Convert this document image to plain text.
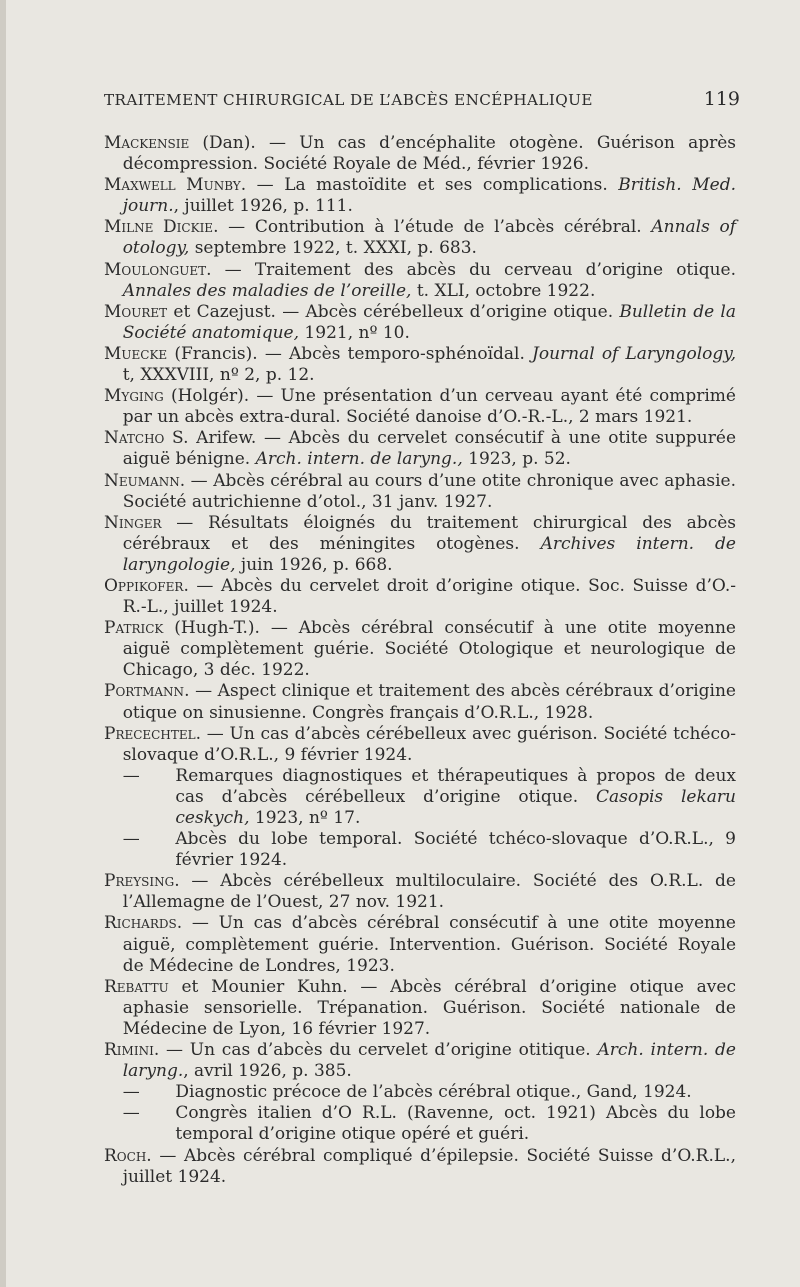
TRAITEMENT CHIRURGICAL DE L’ABCÈS ENCÉPHALIQUE	119

Mackensie (Dan). — Un cas d’encéphalite otogène. Guérison après décompression. Société Royale de Méd., février 1926.

Maxwell Munby. — La mastoïdite et ses complications. British. Med. journ., juillet 1926, p. 111.

Milne Dickie. — Contribution à l’étude de l’abcès cérébral. Annals of otology, septembre 1922, t. XXXI, p. 683.

Moulonguet. — Traitement des abcès du cerveau d’origine otique. Annales des maladies de l’oreille, t. XLI, octobre 1922.

Mouret et Cazejust. — Abcès cérébelleux d’origine otique. Bulletin de la Société anatomique, 1921, nº 10.

Muecke (Francis). — Abcès temporo-sphénoïdal. Journal of Laryngology, t, XXXVIII, nº 2, p. 12.

Myging (Holgér). — Une présentation d’un cerveau ayant été comprimé par un abcès extra-dural. Société danoise d’O.-R.-L., 2 mars 1921.

Natcho S. Arifew. — Abcès du cervelet consécutif à une otite suppurée aiguë bénigne. Arch. intern. de laryng., 1923, p. 52.

Neumann. — Abcès cérébral au cours d’une otite chronique avec aphasie. Société autrichienne d’otol., 31 janv. 1927.

Ninger — Résultats éloignés du traitement chirurgical des abcès cérébraux et des méningites otogènes. Archives intern. de laryngologie, juin 1926, p. 668.

Oppikofer. — Abcès du cervelet droit d’origine otique. Soc. Suisse d’O.-R.-L., juillet 1924.

Patrick (Hugh-T.). — Abcès cérébral consécutif à une otite moyenne aiguë complètement guérie. Société Otologique et neurologique de Chicago, 3 déc. 1922.

Portmann. — Aspect clinique et traitement des abcès cérébraux d’origine otique on sinusienne. Congrès français d’O.R.L., 1928.

Precechtel. — Un cas d’abcès cérébelleux avec guérison. Société tchéco-slovaque d’O.R.L., 9 février 1924.

— Remarques diagnostiques et thérapeutiques à propos de deux cas d’abcès cérébelleux d’origine otique. Casopis lekaru ceskych, 1923, nº 17.

— Abcès du lobe temporal. Société tchéco-slovaque d’O.R.L., 9 février 1924.

Preysing. — Abcès cérébelleux multiloculaire. Société des O.R.L. de l’Allemagne de l’Ouest, 27 nov. 1921.

Richards. — Un cas d’abcès cérébral consécutif à une otite moyenne aiguë, complètement guérie. Intervention. Guérison. Société Royale de Médecine de Londres, 1923.

Rebattu et Mounier Kuhn. — Abcès cérébral d’origine otique avec aphasie sensorielle. Trépanation. Guérison. Société nationale de Médecine de Lyon, 16 février 1927.

Rimini. — Un cas d’abcès du cervelet d’origine otitique. Arch. intern. de laryng., avril 1926, p. 385.

— Diagnostic précoce de l’abcès cérébral otique., Gand, 1924.

— Congrès italien d’O R.L. (Ravenne, oct. 1921) Abcès du lobe temporal d’origine otique opéré et guéri.

Roch. — Abcès cérébral compliqué d’épilepsie. Société Suisse d’O.R.L., juillet 1924.
